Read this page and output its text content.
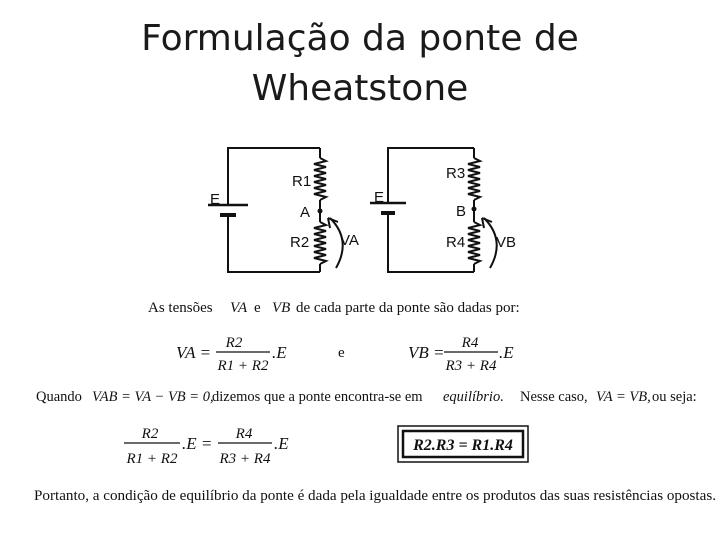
Formulação da ponte de
Wheatstone
E
R1
A
R2 VA
E
R3
B
R4 VB
As tensões VA e VB de cada parte da ponte são dadas por:
VA = R2
R1 + R2
.E	e	VB = R4
R3 + R4
.E
Quando VAB = VA − VB = 0,
dizemos que a ponte encontra-se em equilíbrio. Nesse caso, VA = VB, ou seja:
R2
R1 + R2
.E = R4
R3 + R4
.E	R2.R3 = R1.R4
Portanto, a condição de equilíbrio da ponte é dada pela igualdade entre os produtos das suas resistências opostas.
